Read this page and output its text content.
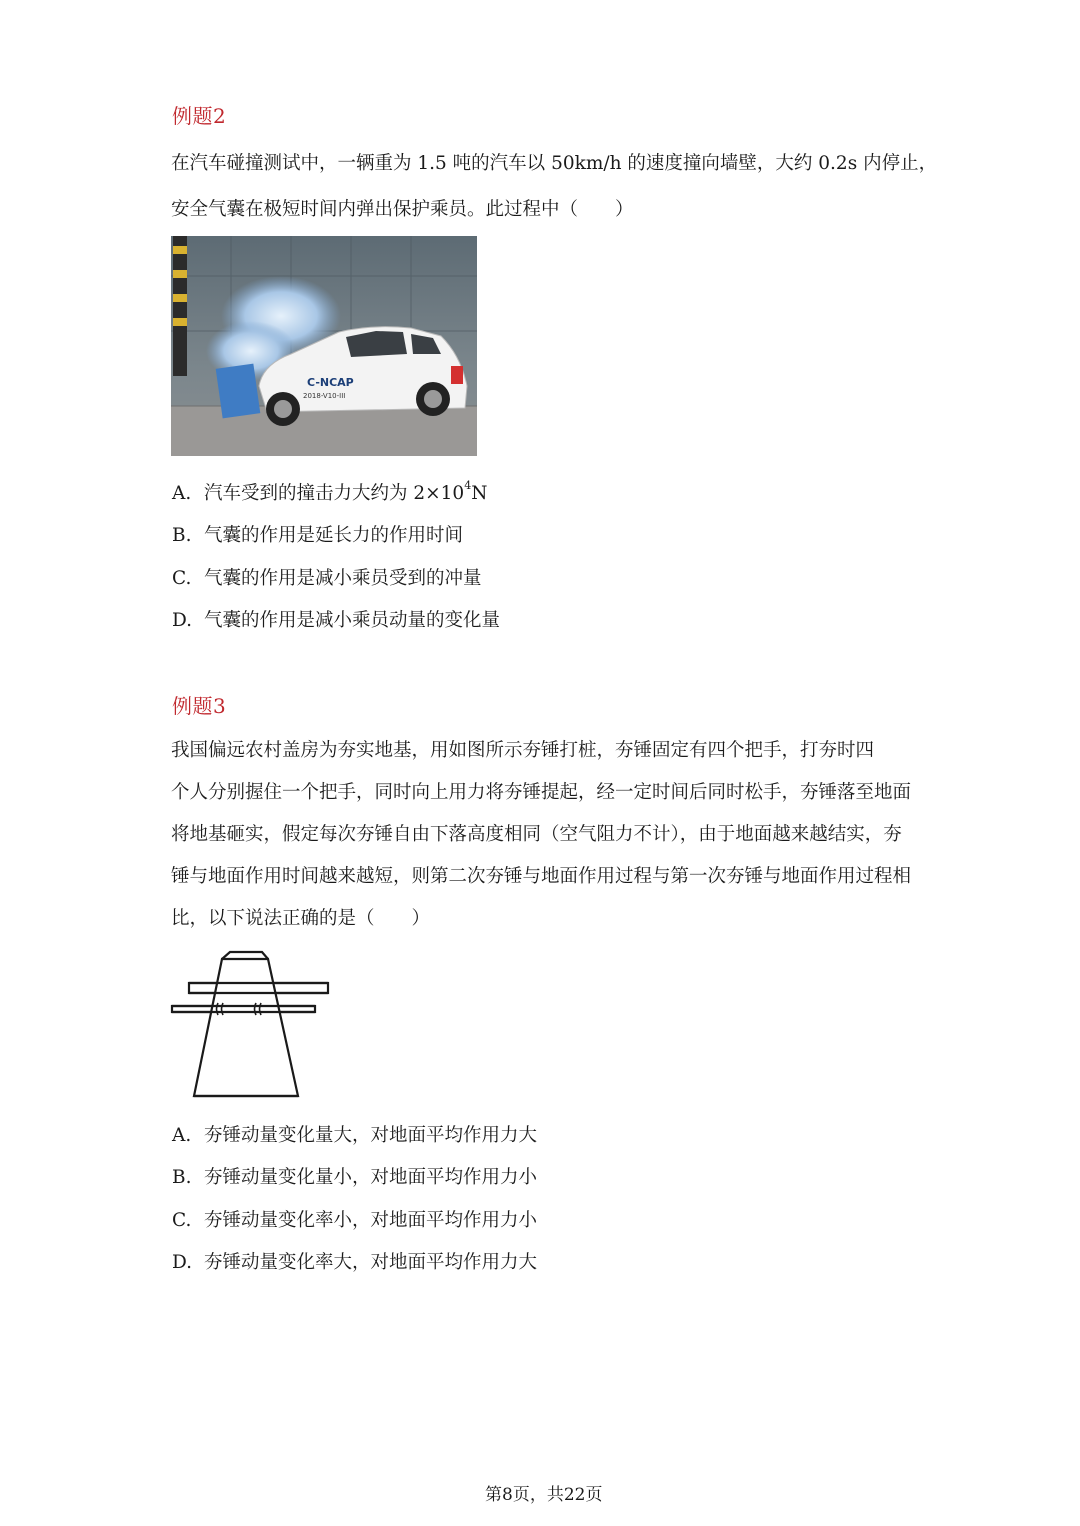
例题2
在汽车碰撞测试中，一辆重为 1.5 吨的汽车以 50km/h 的速度撞向墙壁，大约 0.2s 内停止，
安全气囊在极短时间内弹出保护乘员。此过程中（　　）
C-NCAP
2018-V10-III
A. 汽车受到的撞击力大约为 $2\times 10^4N$
B. 气囊的作用是延长力的作用时间
C. 气囊的作用是减小乘员受到的冲量
D. 气囊的作用是减小乘员动量的变化量
例题3
我国偏远农村盖房为夯实地基，用如图所示夯锤打桩，夯锤固定有四个把手，打夯时四
个人分别握住一个把手，同时向上用力将夯锤提起，经一定时间后同时松手，夯锤落至地面
将地基砸实，假定每次夯锤自由下落高度相同（空气阻力不计），由于地面越来越结实，夯
锤与地面作用时间越来越短，则第二次夯锤与地面作用过程与第一次夯锤与地面作用过程相
比，以下说法正确的是（　　）
A. 夯锤动量变化量大，对地面平均作用力大
B. 夯锤动量变化量小，对地面平均作用力小
C. 夯锤动量变化率小，对地面平均作用力小
D. 夯锤动量变化率大，对地面平均作用力大
第8页，共22页
